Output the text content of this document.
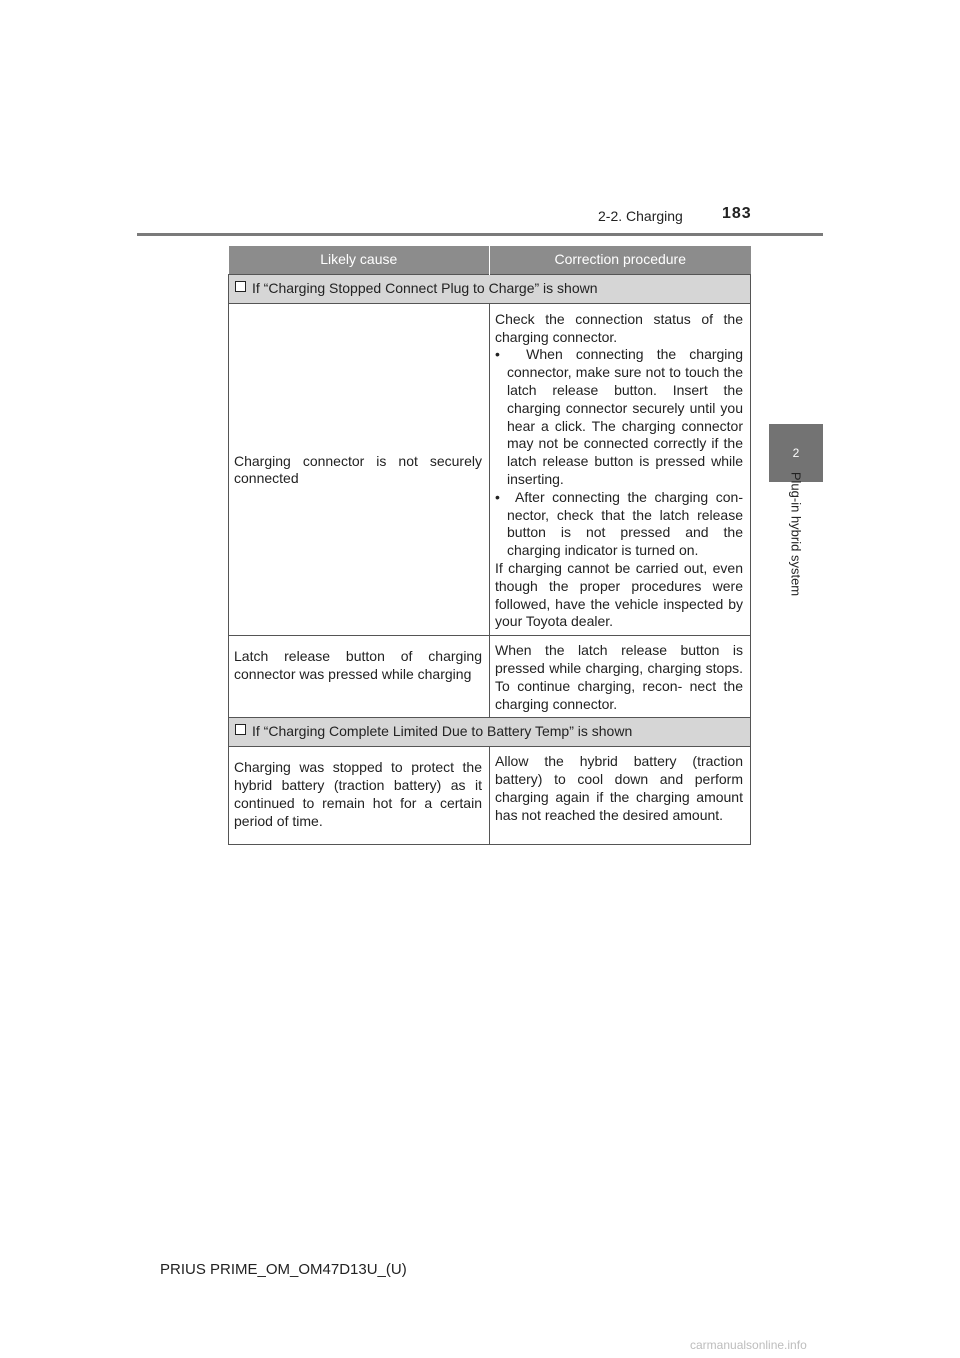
2-2. Charging 183
2
Plug-in hybrid system
Likely cause	Correction procedure
If “Charging Stopped Connect Plug to Charge” is shown	
Charging connector is not securely connected	Check the connection status of the charging connector.
•  When connecting the charging connector, make sure not to touch the latch release button. Insert the charging connector securely until you hear a click. The charging connector may not be connected correctly if the latch release button is pressed while inserting.
•  After connecting the charging con- nector, check that the latch release button is not pressed and the charging indicator is turned on.
If charging cannot be carried out, even though the proper procedures were followed, have the vehicle inspected by your Toyota dealer.

Latch release button of charging connector was pressed while charging	When the latch release button is pressed while charging, charging stops. To continue charging, recon- nect the charging connector.
If “Charging Complete Limited Due to Battery Temp” is shown	
Charging was stopped to protect the hybrid battery (traction battery) as it continued to remain hot for a certain period of time.	Allow the hybrid battery (traction battery) to cool down and perform charging again if the charging amount has not reached the desired amount.
PRIUS PRIME_OM_OM47D13U_(U)
carmanualsonline.info
